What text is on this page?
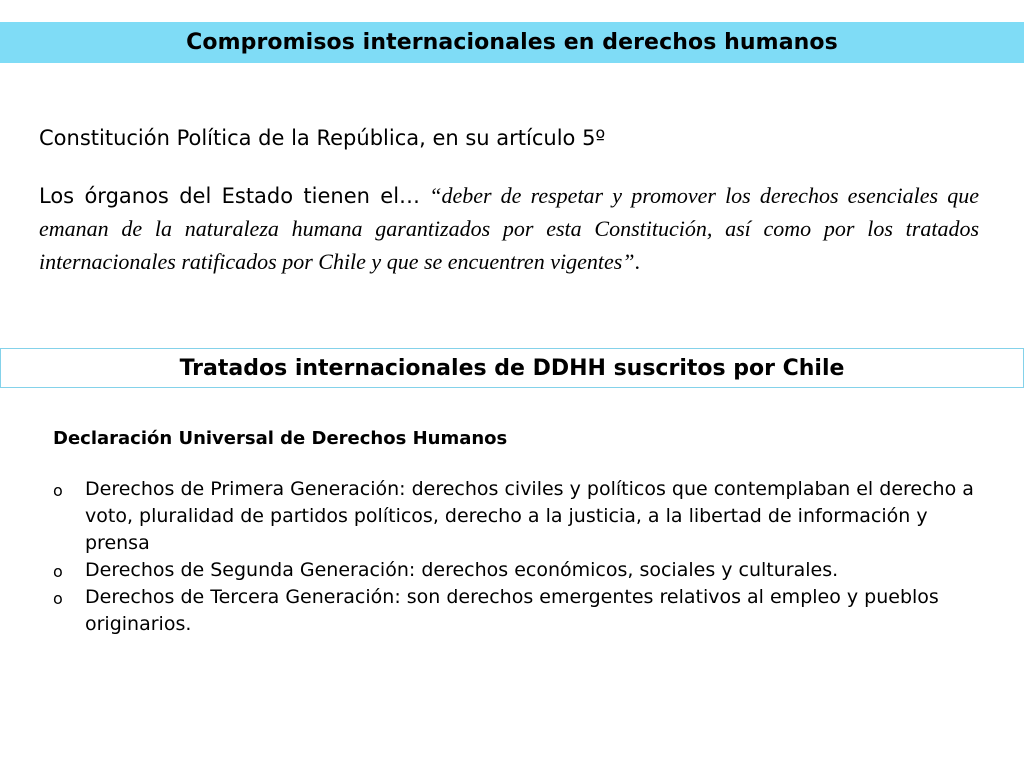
Compromisos internacionales en derechos humanos

Constitución Política de la República, en su artículo 5º

Los órganos del Estado tienen el… “deber de respetar y promover los derechos esenciales que emanan de la naturaleza humana garantizados por esta Constitución, así como por los tratados internacionales ratificados por Chile y que se encuentren vigentes”.
Tratados internacionales de DDHH suscritos por Chile

Declaración Universal de Derechos Humanos

o Derechos de Primera Generación: derechos civiles y políticos que contemplaban el derecho a voto, pluralidad de partidos políticos, derecho a la justicia, a la libertad de información y prensa
o Derechos de Segunda Generación: derechos económicos, sociales y culturales.
o Derechos de Tercera Generación: son derechos emergentes relativos al empleo y pueblos originarios.
